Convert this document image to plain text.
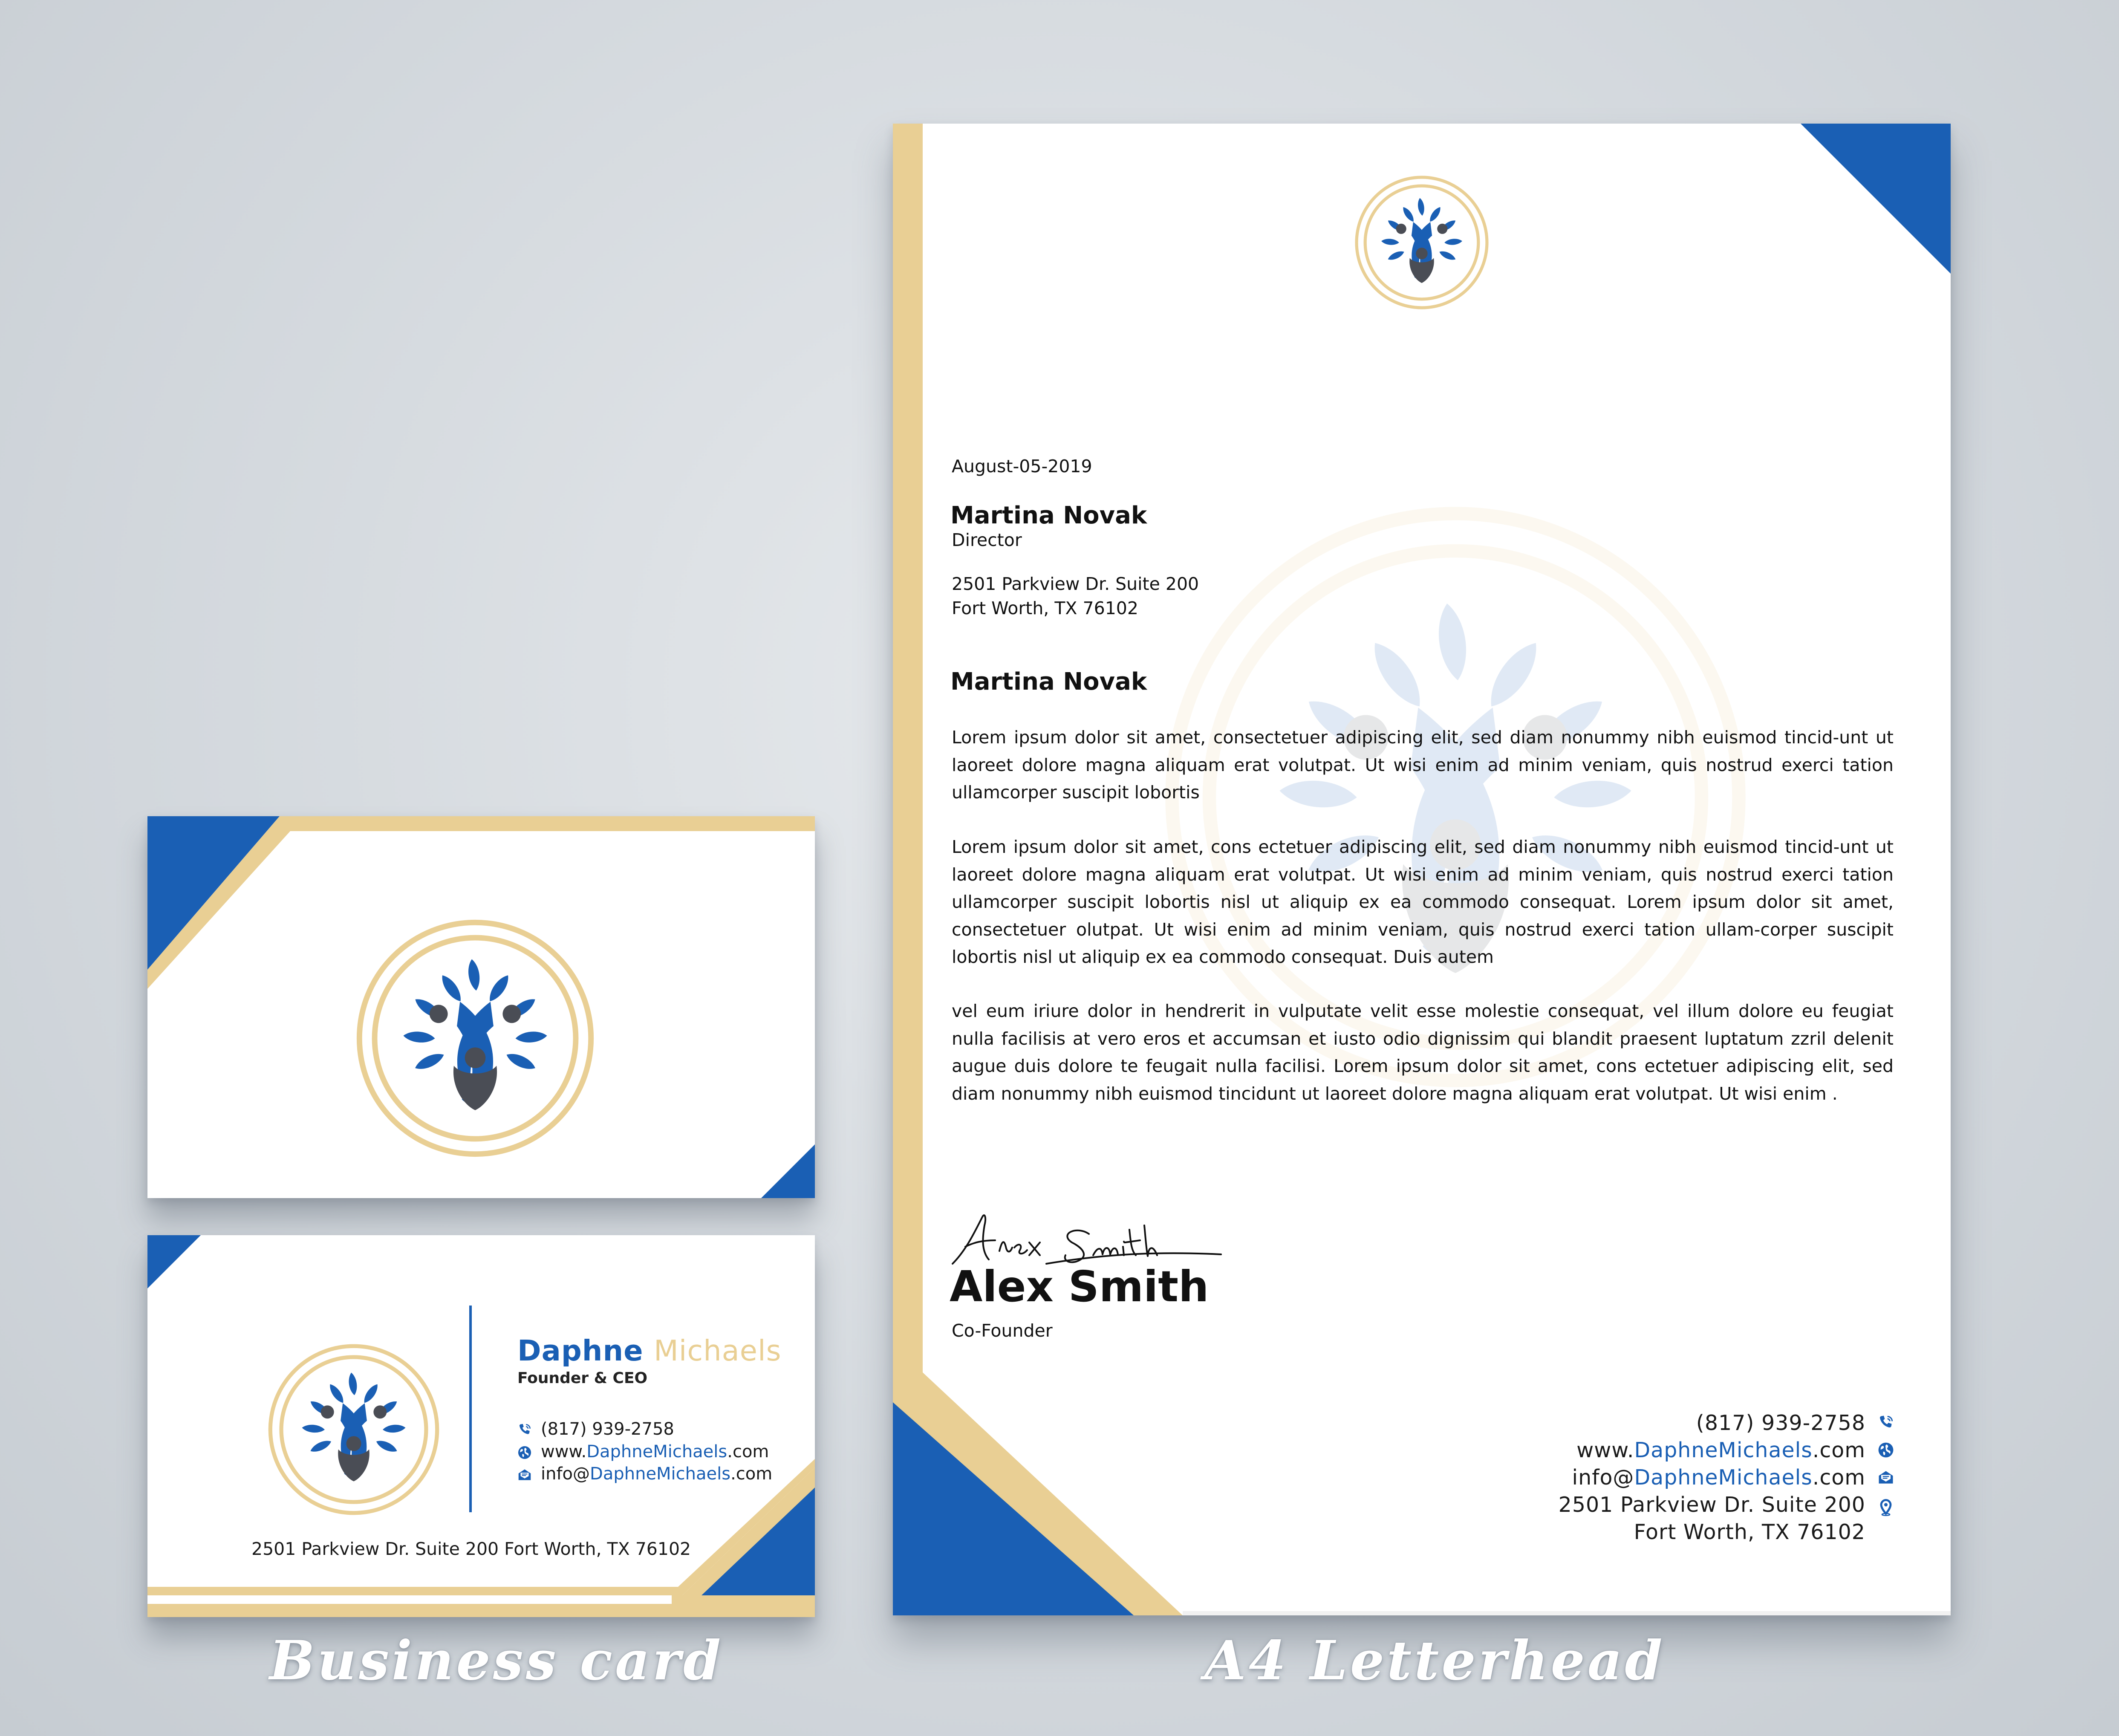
Daphne Michaels
Founder & CEO
(817) 939-2758
www.DaphneMichaels.com
info@DaphneMichaels.com
2501 Parkview Dr. Suite 200 Fort Worth, TX 76102
Business card
August-05-2019
Martina Novak
Director
2501 Parkview Dr. Suite 200
Fort Worth, TX 76102
Martina Novak
Lorem ipsum dolor sit amet, consectetuer adipiscing elit, sed diam nonummy nibh euismod tincid-unt ut laoreet dolore magna aliquam erat volutpat. Ut wisi enim ad minim veniam, quis nostrud exerci tation ullamcorper suscipit lobortis
Lorem ipsum dolor sit amet, cons ectetuer adipiscing elit, sed diam nonummy nibh euismod tincid-unt ut laoreet dolore magna aliquam erat volutpat. Ut wisi enim ad minim veniam, quis nostrud exerci tation ullamcorper suscipit lobortis nisl ut aliquip ex ea commodo consequat. Lorem ipsum dolor sit amet, consectetuer olutpat. Ut wisi enim ad minim veniam, quis nostrud exerci tation ullam-corper suscipit lobortis nisl ut aliquip ex ea commodo consequat. Duis autem
vel eum iriure dolor in hendrerit in vulputate velit esse molestie consequat, vel illum dolore eu feugiat nulla facilisis at vero eros et accumsan et iusto odio dignissim qui blandit praesent luptatum zzril delenit augue duis dolore te feugait nulla facilisi. Lorem ipsum dolor sit amet, cons ectetuer adipiscing elit, sed diam nonummy nibh euismod tincidunt ut laoreet dolore magna aliquam erat volutpat. Ut wisi enim .
Alex Smith
Co-Founder
(817) 939-2758
www.DaphneMichaels.com
info@DaphneMichaels.com
2501 Parkview Dr. Suite 200
Fort Worth, TX 76102
A4 Letterhead
